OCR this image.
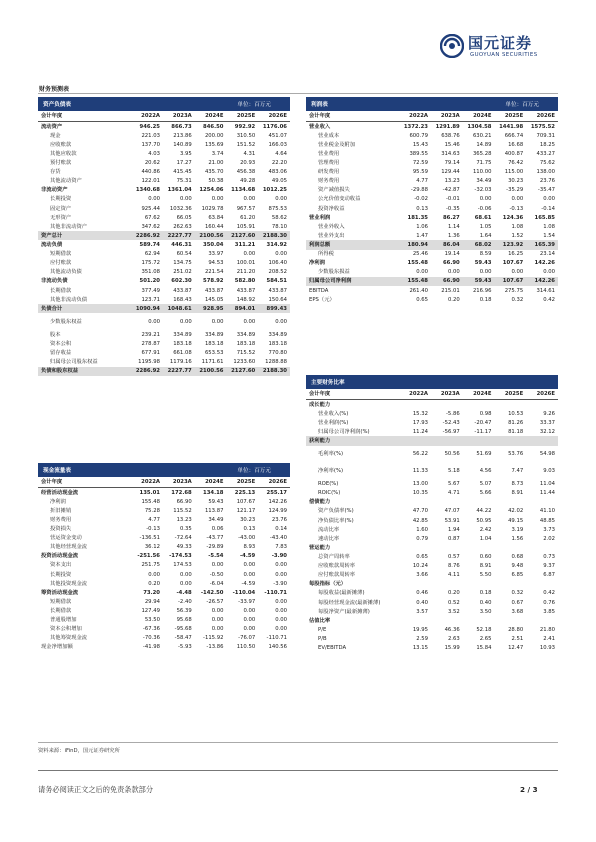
国元证券
GUOYUAN SECURITIES
财务预测表
资产负债表	单位：百万元
会计年度	2022A	2023A	2024E	2025E	2026E
流动资产	946.25	866.73	846.50	992.92	1176.06
现金	221.03	213.86	200.00	310.50	451.07
应收账款	137.70	140.89	135.69	151.52	166.03
其他应收款	4.03	3.95	3.74	4.31	4.64
预付账款	20.62	17.27	21.00	20.93	22.20
存货	440.86	415.45	435.70	456.38	483.06
其他流动资产	122.01	75.31	50.38	49.28	49.05
非流动资产	1340.68	1361.04	1254.06	1134.68	1012.25
长期投资	0.00	0.00	0.00	0.00	0.00
固定资产	925.44	1032.36	1029.78	967.57	875.53
无形资产	67.62	66.05	63.84	61.20	58.62
其他非流动资产	347.62	262.63	160.44	105.91	78.10
资产总计	2286.92	2227.77	2100.56	2127.60	2188.30
流动负债	589.74	446.31	350.04	311.21	314.92
短期借款	62.94	60.54	33.97	0.00	0.00
应付账款	175.72	134.75	94.53	100.01	106.40
其他流动负债	351.08	251.02	221.54	211.20	208.52
非流动负债	501.20	602.30	578.92	582.80	584.51
长期借款	377.49	433.87	433.87	433.87	433.87
其他非流动负债	123.71	168.43	145.05	148.92	150.64
负债合计	1090.94	1048.61	928.95	894.01	899.43
少数股东权益	0.00	0.00	0.00	0.00	0.00
股本	239.21	334.89	334.89	334.89	334.89
资本公积	278.87	183.18	183.18	183.18	183.18
留存收益	677.91	661.08	653.53	715.52	770.80
归属母公司股东权益	1195.98	1179.16	1171.61	1233.60	1288.88
负债和股东权益	2286.92	2227.77	2100.56	2127.60	2188.30
利润表	单位：百万元
会计年度	2022A	2023A	2024E	2025E	2026E
营业收入	1372.23	1291.89	1304.58	1441.98	1575.52
营业成本	600.79	638.76	630.21	666.74	709.31
营业税金及附加	15.43	15.46	14.89	16.68	18.25
营业费用	389.55	314.63	365.28	400.87	433.27
管理费用	72.59	79.14	71.75	76.42	75.62
研发费用	95.59	129.44	110.00	115.00	138.00
财务费用	4.77	13.23	34.49	30.23	23.76
资产减值损失	-29.88	-42.87	-32.03	-35.29	-35.47
公允价值变动收益	-0.02	-0.01	0.00	0.00	0.00
投资净收益	0.13	-0.35	-0.06	-0.13	-0.14
营业利润	181.35	86.27	68.61	124.36	165.85
营业外收入	1.06	1.14	1.05	1.08	1.08
营业外支出	1.47	1.36	1.64	1.52	1.54
利润总额	180.94	86.04	68.02	123.92	165.39
所得税	25.46	19.14	8.59	16.25	23.14
净利润	155.48	66.90	59.43	107.67	142.26
少数股东损益	0.00	0.00	0.00	0.00	0.00
归属母公司净利润	155.48	66.90	59.43	107.67	142.26
EBITDA	261.40	215.01	216.96	275.75	314.61
EPS（元）	0.65	0.20	0.18	0.32	0.42
主要财务比率
会计年度	2022A	2023A	2024E	2025E	2026E
成长能力					
营业收入(%)	15.32	-5.86	0.98	10.53	9.26
营业利润(%)	17.93	-52.43	-20.47	81.26	33.37
归属母公司净利润(%)	11.24	-56.97	-11.17	81.18	32.12
获利能力					
毛利率(%)	56.22	50.56	51.69	53.76	54.98
净利率(%)	11.33	5.18	4.56	7.47	9.03
ROE(%)	13.00	5.67	5.07	8.73	11.04
ROIC(%)	10.35	4.71	5.66	8.91	11.44
偿债能力					
资产负债率(%)	47.70	47.07	44.22	42.02	41.10
净负债比率(%)	42.85	53.91	50.95	49.15	48.85
流动比率	1.60	1.94	2.42	3.19	3.73
速动比率	0.79	0.87	1.04	1.56	2.02
营运能力					
总资产周转率	0.65	0.57	0.60	0.68	0.73
应收账款周转率	10.24	8.76	8.91	9.48	9.37
应付账款周转率	3.66	4.11	5.50	6.85	6.87
每股指标（元）					
每股收益(最新摊薄)	0.46	0.20	0.18	0.32	0.42
每股经营现金流(最新摊薄)	0.40	0.52	0.40	0.67	0.76
每股净资产(最新摊薄)	3.57	3.52	3.50	3.68	3.85
估值比率					
P/E	19.95	46.36	52.18	28.80	21.80
P/B	2.59	2.63	2.65	2.51	2.41
EV/EBITDA	13.15	15.99	15.84	12.47	10.93
现金流量表	单位：百万元
会计年度	2022A	2023A	2024E	2025E	2026E
经营活动现金流	135.01	172.68	134.18	225.13	255.17
净利润	155.48	66.90	59.43	107.67	142.26
折旧摊销	75.28	115.52	113.87	121.17	124.99
财务费用	4.77	13.23	34.49	30.23	23.76
投资损失	-0.13	0.35	0.06	0.13	0.14
营运资金变动	-136.51	-72.64	-43.77	-43.00	-43.40
其他经营现金流	36.12	49.33	-29.89	8.93	7.83
投资活动现金流	-251.56	-174.53	-5.54	-4.59	-3.90
资本支出	251.75	174.53	0.00	0.00	0.00
长期投资	0.00	0.00	-0.50	0.00	0.00
其他投资现金流	0.20	0.00	-6.04	-4.59	-3.90
筹资活动现金流	73.20	-4.48	-142.50	-110.04	-110.71
短期借款	29.94	-2.40	-26.57	-33.97	0.00
长期借款	127.49	56.39	0.00	0.00	0.00
普通股增加	53.50	95.68	0.00	0.00	0.00
资本公积增加	-67.36	-95.68	0.00	0.00	0.00
其他筹资现金流	-70.36	-58.47	-115.92	-76.07	-110.71
现金净增加额	-41.98	-5.93	-13.86	110.50	140.56
资料来源：iFinD，国元证券研究所
请务必阅读正文之后的免责条款部分	2 / 3
